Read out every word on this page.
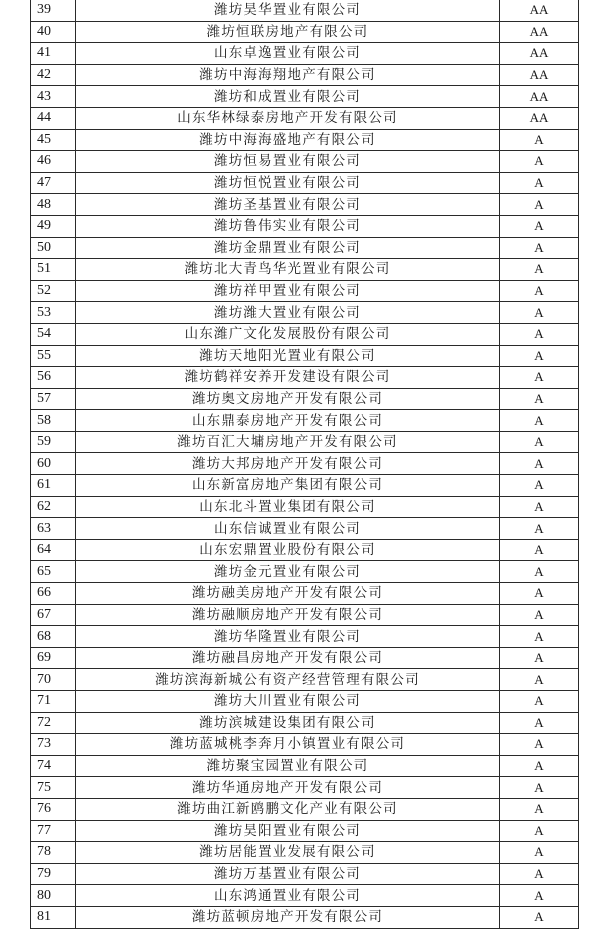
39	潍坊昊华置业有限公司	AA
40	潍坊恒联房地产有限公司	AA
41	山东卓逸置业有限公司	AA
42	潍坊中海海翔地产有限公司	AA
43	潍坊和成置业有限公司	AA
44	山东华林绿泰房地产开发有限公司	AA
45	潍坊中海海盛地产有限公司	A
46	潍坊恒易置业有限公司	A
47	潍坊恒悦置业有限公司	A
48	潍坊圣基置业有限公司	A
49	潍坊鲁伟实业有限公司	A
50	潍坊金鼎置业有限公司	A
51	潍坊北大青鸟华光置业有限公司	A
52	潍坊祥甲置业有限公司	A
53	潍坊潍大置业有限公司	A
54	山东潍广文化发展股份有限公司	A
55	潍坊天地阳光置业有限公司	A
56	潍坊鹤祥安养开发建设有限公司	A
57	潍坊奥文房地产开发有限公司	A
58	山东鼎泰房地产开发有限公司	A
59	潍坊百汇大墉房地产开发有限公司	A
60	潍坊大邦房地产开发有限公司	A
61	山东新富房地产集团有限公司	A
62	山东北斗置业集团有限公司	A
63	山东信诚置业有限公司	A
64	山东宏鼎置业股份有限公司	A
65	潍坊金元置业有限公司	A
66	潍坊融美房地产开发有限公司	A
67	潍坊融顺房地产开发有限公司	A
68	潍坊华隆置业有限公司	A
69	潍坊融昌房地产开发有限公司	A
70	潍坊滨海新城公有资产经营管理有限公司	A
71	潍坊大川置业有限公司	A
72	潍坊滨城建设集团有限公司	A
73	潍坊蓝城桃李奔月小镇置业有限公司	A
74	潍坊聚宝园置业有限公司	A
75	潍坊华通房地产开发有限公司	A
76	潍坊曲江新鸥鹏文化产业有限公司	A
77	潍坊昊阳置业有限公司	A
78	潍坊居能置业发展有限公司	A
79	潍坊万基置业有限公司	A
80	山东鸿通置业有限公司	A
81	潍坊蓝顿房地产开发有限公司	A
